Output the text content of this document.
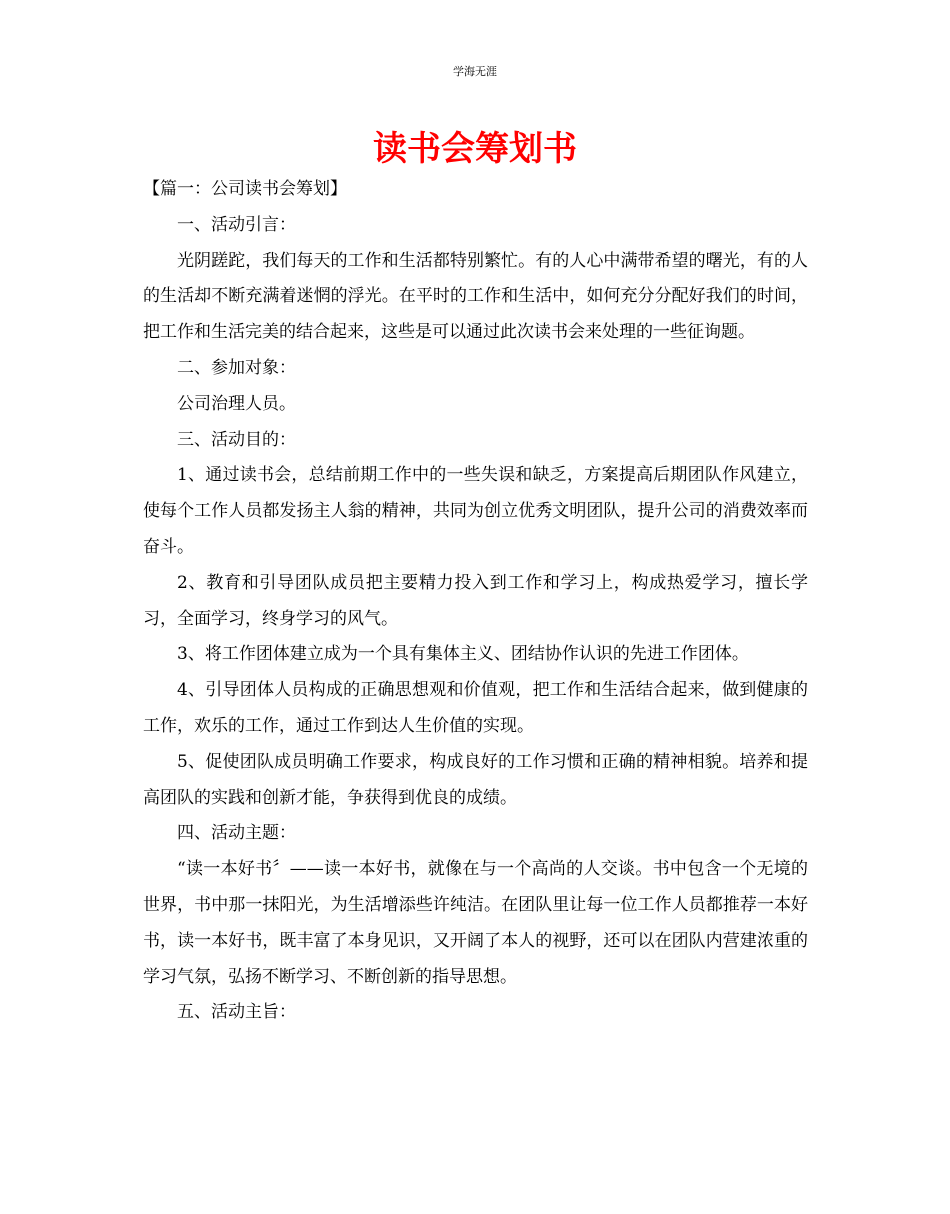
学海无涯
读书会筹划书

【篇一：公司读书会筹划】

一、活动引言：

光阴蹉跎，我们每天的工作和生活都特别繁忙。有的人心中满带希望的曙光，有的人的生活却不断充满着迷惘的浮光。在平时的工作和生活中，如何充分分配好我们的时间，把工作和生活完美的结合起来，这些是可以通过此次读书会来处理的一些征询题。

二、参加对象：

公司治理人员。

三、活动目的：

1、通过读书会，总结前期工作中的一些失误和缺乏，方案提高后期团队作风建立，使每个工作人员都发扬主人翁的精神，共同为创立优秀文明团队，提升公司的消费效率而奋斗。

2、教育和引导团队成员把主要精力投入到工作和学习上，构成热爱学习，擅长学习，全面学习，终身学习的风气。

3、将工作团体建立成为一个具有集体主义、团结协作认识的先进工作团体。

4、引导团体人员构成的正确思想观和价值观，把工作和生活结合起来，做到健康的工作，欢乐的工作，通过工作到达人生价值的实现。

5、促使团队成员明确工作要求，构成良好的工作习惯和正确的精神相貌。培养和提高团队的实践和创新才能，争获得到优良的成绩。

四、活动主题：

“读一本好书〞——读一本好书，就像在与一个高尚的人交谈。书中包含一个无境的世界，书中那一抹阳光，为生活增添些许纯洁。在团队里让每一位工作人员都推荐一本好书，读一本好书，既丰富了本身见识，又开阔了本人的视野，还可以在团队内营建浓重的学习气氛，弘扬不断学习、不断创新的指导思想。

五、活动主旨：
